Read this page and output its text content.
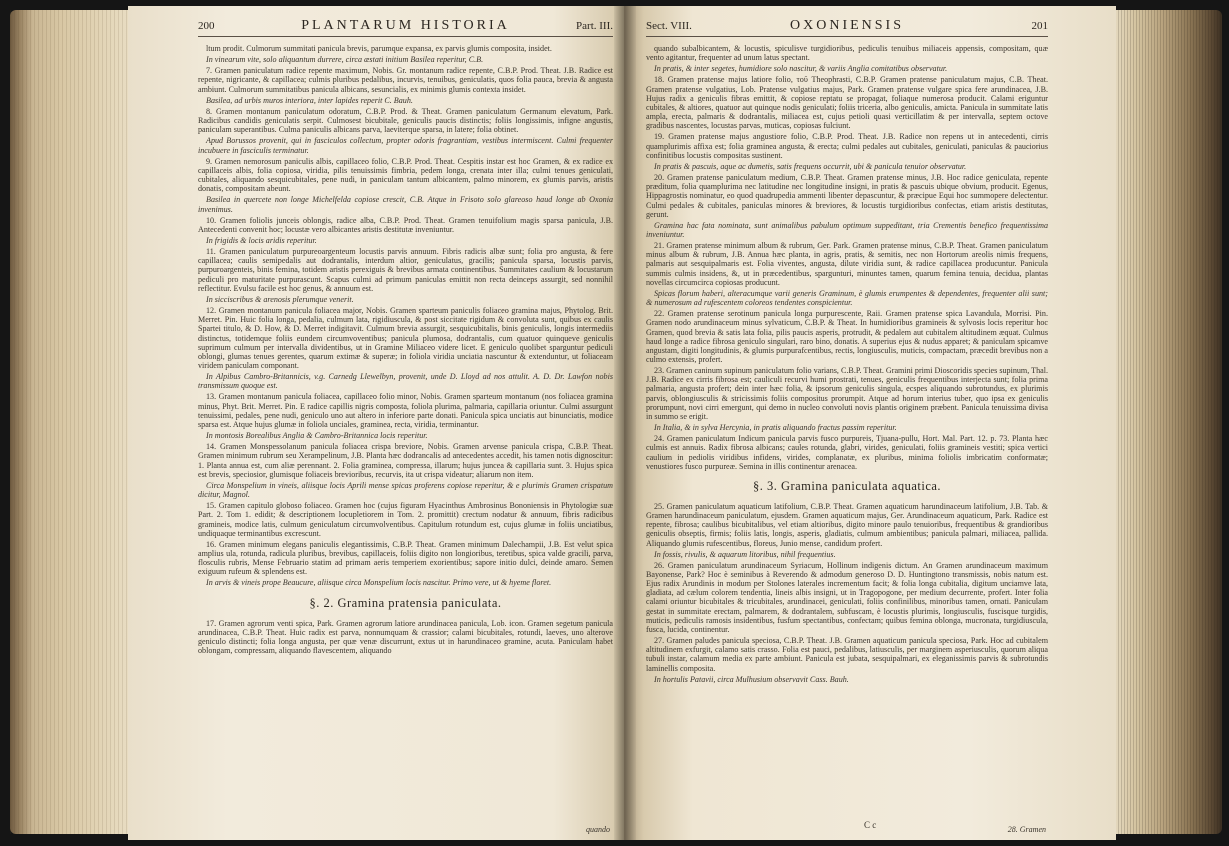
200	PLANTARUM HISTORIA	Part. III.

ltum prodit. Culmorum summitati panicula brevis, parumque expansa, ex parvis glumis composita, insidet.

In vinearum vite, solo aliquantum durrere, circa æstati initium Basilea reperitur, C.B.

7. Gramen paniculatum radice repente maximum, Nobis. Gr. montanum radice repente, C.B.P. Prod. Theat. J.B. Radice est repente, nigricante, & capillacea; culmis pluribus pedalibus, incurvis, tenuibus, geniculatis, quos folia pauca, brevia & angusta ambiunt. Culmorum summitatibus panicula albicans, sesuncialis, ex minimis glumis contexta insidet.

Basilea, ad urbis muros interiora, inter lapides reperit C. Bauh.

8. Gramen montanum paniculatum odoratum, C.B.P. Prod. & Theat. Gramen paniculatum Germanum elevatum, Park. Radicibus candidis geniculatis serpit. Culmosest bicubitale, geniculis paucis distinctis; foliis longissimis, infigne angustis, paniculam superantibus. Culma paniculis albicans parva, laeviterque sparsa, in latere; folia obtinet.

Apud Borussos provenit, qui in fasciculos collectum, propter odoris fragrantiam, vestibus intermiscent. Culmi frequenter incubuere in fasciculis terminatur.

9. Gramen nemorosum paniculis albis, capillaceo folio, C.B.P. Prod. Theat. Cespitis instar est hoc Gramen, & ex radice ex capillaceis albis, folia copiosa, viridia, pilis tenuissimis fimbria, pedem longa, crenata inter illa; culmi tenues geniculati, cubitales, aliquando sesquicubitales, pene nudi, in paniculam tantum albicantem, palmo minorem, ex glumis parvis, aristis donatis, compositam abeunt.

Basilea in quercete non longe Michelfelda copiose crescit, C.B. Atque in Frisoto solo glareoso haud longe ab Oxonia invenimus.

10. Gramen foliolis junceis oblongis, radice alba, C.B.P. Prod. Theat. Gramen tenuifolium magis sparsa panicula, J.B. Antecedenti convenit hoc; locustæ vero albicantes aristis destitutæ inveniuntur.

In frigidis & locis aridis reperitur.

11. Gramen paniculatum purpureoargenteum locustis parvis annuum. Fibris radicis albæ sunt; folia pro angusta, & fere capillacea; caulis semipedalis aut dodrantalis, interdum altior, geniculatus, gracilis; panicula sparsa, locustis parvis, purpuroargenteis, binis femina, totidem aristis perexiguis & brevibus armata continentibus. Summitates caulium & locustarum pediculi pro maturitate purpurascunt. Scapus culmi ad primum paniculas emittit non recta deinceps assurgit, sed nonnihil reflectitur. Evulsu facile est hoc genus, & annuum est.

In sicciscribus & arenosis plerumque venerit.

12. Gramen montanum panicula foliacea major, Nobis. Gramen sparteum paniculis foliaceo gramina majus, Phytolog. Brit. Merret. Pin. Huic folia longa, pedalia, culmum lata, rigidiuscula, & post siccitate rigidum & convoluta sunt, quibus ex caulis Spartei titulo, & D. How, & D. Merret indigitavit. Culmum brevia assurgit, sesquicubitalis, binis geniculis, longis intermediis distinctus, totidemque foliis eundem circumvoventibus; panicula plumosa, dodrantalis, cum quatuor quinqueve geniculis suprimum culmum per intervalla dividentibus, ut in Gramine Miliaceo videre licet. E geniculo quolibet sparguntur pediculi oblongi, glumas tenues gerentes, quarum extimæ & superæ; in foliola viridia unciatia nascuntur & extenduntur, ut foliaceam viridem paniculam componant.

In Alpibus Cambro-Britannicis, v.g. Carnedg Llewelbyn, provenit, unde D. Lloyd ad nos attulit. A. D. Dr. Lawfon nobis transmissum quoque est.

13. Gramen montanum panicula foliacea, capillaceo folio minor, Nobis. Gramen sparteum montanum (nos foliacea gramina minus, Phyt. Brit. Merret. Pin. E radice capillis nigris composta, foliola plurima, palmaria, capillaria oriuntur. Culmi assurgunt tenuissimi, pedales, pene nudi, geniculo uno aut altero in inferiore parte donati. Panicula spica unciatis aut binunciatis, modice sparsa est. Atque hujus glumæ in foliola unciales, graminea, recta, viridia, terminantur.

In montosis Borealibus Anglia & Cambro-Britannica locis reperitur.

14. Gramen Monspessolanum panicula foliacea crispa breviore, Nobis. Gramen arvense panicula crispa, C.B.P. Theat. Gramen minimum rubrum seu Xerampelinum, J.B. Planta hæc dodrancalis ad antecedentes accedit, his tamen notis dignoscitur: 1. Planta annua est, cum aliæ perennant. 2. Folia graminea, compressa, illarum; hujus juncea & capillaria sunt. 3. Hujus spica est brevis, speciosior, glumisque foliaceis brevioribus, recurvis, ita ut crispa videatur; aliarum non item.

Circa Monspelium in vineis, aliisque locis Aprili mense spicas proferens copiose reperitur, & e plurimis Gramen crispatum dicitur, Magnol.

15. Gramen capitulo globoso foliaceo. Gramen hoc (cujus figuram Hyacinthus Ambrosinus Bononiensis in Phytologiæ suæ Part. 2. Tom 1. edidit; & descriptionem locupletiorem in Tom. 2. promittit) crectum nodatur & annuum, fibris radicibus gramineis, modice latis, culmum geniculatum circumvolventibus. Capitulum rotundum est, cujus glumæ in foliis unciatibus, undiquaque terminantibus excrescunt.

16. Gramen minimum elegans paniculis elegantissimis, C.B.P. Theat. Gramen minimum Dalechampii, J.B. Est velut spica amplius ula, rotunda, radicula pluribus, brevibus, capillaceis, foliis digito non longioribus, teretibus, spica valde gracili, parva, flosculis rubris, Mense Februario statim ad primam aeris temperiem exorientibus; sapore initio dulci, deinde amaro. Semen exiguum rufeum & splendens est.

In arvis & vineis prope Beaucure, aliisque circa Monspelium locis nascitur. Primo vere, ut & hyeme floret.

§. 2. Gramina pratensia paniculata.

17. Gramen agrorum venti spica, Park. Gramen agrorum latiore arundinacea panicula, Lob. icon. Gramen segetum panicula arundinacea, C.B.P. Theat. Huic radix est parva, nonnumquam & crassior; calami bicubitales, rotundi, laeves, uno alterove geniculo distincti; folia longa angusta, per quæ venæ discurrunt, extus ut in harundinaceo gramine, acuta. Paniculam habet oblongam, compressam, aliquando flavescentem, aliquando

quando
Sect. VIII.	OXONIENSIS	201

quando subalbicantem, & locustis, spiculisve turgidioribus, pediculis tenuibus miliaceis appensis, compositam, quæ vento agitantur, frequenter ad unum latus spectant.

In pratis, & inter segetes, humidiore solo nascitur, & variis Anglia comitatibus observatur.

18. Gramen pratense majus latiore folio, τοῦ Theophrasti, C.B.P. Gramen pratense paniculatum majus, C.B. Theat. Gramen pratense vulgatius, Lob. Pratense vulgatius majus, Park. Gramen pratense vulgare spica fere arundinacea, J.B. Hujus radix a geniculis fibras emittit, & copiose reptatu se propagat, foliaque numerosa producit. Calami eriguntur cubitales, & altiores, quatuor aut quinque nodis geniculati; foliis triceria, albo geniculis, amicta. Panicula in summitate latis ampla, erecta, palmaris & dodrantalis, miliacea est, cujus petioli quasi verticillatim & per intervalla, septem octove gradibus nascentes, locustas parvas, muticas, copiosas fulciunt.

19. Gramen pratense majus angustiore folio, C.B.P. Prod. Theat. J.B. Radice non repens ut in antecedenti, cirris quamplurimis affixa est; folia graminea angusta, & erecta; culmi pedales aut cubitales, geniculati, paniculas & pauciorius confinitibus locustis compositas sustinent.

In pratis & pascuis, aque ac dumetis, satis frequens occurrit, ubi & panicula tenuior observatur.

20. Gramen pratense paniculatum medium, C.B.P. Theat. Gramen pratense minus, J.B. Hoc radice geniculata, repente præditum, folia quamplurima nec latitudine nec longitudine insigni, in pratis & pascuis ubique obvium, producit. Egenus, Hippagrostis nominatur, eo quod quadrupedia ammenti libenter depascuntur, & præcipue Equi hoc summopere delectentur. Culmi pedales & cubitales, paniculas minores & breviores, & locustis turgidioribus confectas, etiam aristis destitutas, gerunt.

Gramina hac fata nominata, sunt animalibus pabulum optimum suppeditant, tria Crementis benefico frequentissima inveniuntur.

21. Gramen pratense minimum album & rubrum, Ger. Park. Gramen pratense minus, C.B.P. Theat. Gramen paniculatum minus album & rubrum, J.B. Annua hæc planta, in agris, pratis, & semitis, nec non Hortorum areolis nimis frequens, palmaris aut sesquipalmaris est. Folia viventes, angusta, dilute viridia sunt, & radice capillacea producuntur. Panicula summis culmis insidens, &, ut in præcedentibus, spargunturi, minuntes tamen, quarum femina tenuia, decidua, plantas novellas circumcirca copiosas producunt.

Spicas florum haberi, alteracumque varii generis Graminum, è glumis erumpentes & dependentes, frequenter alii sunt; & numerosum ad rufescentem coloreos tendentes conspicientur.

22. Gramen pratense serotinum panicula longa purpurescente, Raii. Gramen pratense spica Lavandula, Morrisi. Pin. Gramen nodo arundinaceum minus sylvaticum, C.B.P. & Theat. In humidioribus gramineis & sylvosis locis reperitur hoc Gramen, quod brevia & satis lata folia, pilis paucis asperis, protrudit, & pedalem aut cubitalem altitudinem æquat. Culmus haud longe a radice fibrosa geniculo singulari, raro bino, donatis. A superius ejus & nudus apparet; & paniculam spicamve angustam, digiti longitudinis, & glumis purpurafcentibus, rectis, longiusculis, muticis, compactam, præcedit brevibus non a culmo extensis, profert.

23. Gramen caninum supinum paniculatum folio varians, C.B.P. Theat. Gramini primi Dioscoridis species supinum, Thal. J.B. Radice ex cirris fibrosa est; cauliculi recurvi humi prostrati, tenues, geniculis frequentibus interjecta sunt; folia prima palmaria, angusta profert; dein inter hæc folia, & ipsorum geniculis singula, ecspes aliquando subrotundus, ex plurimis parvis, oblongiusculis & stricissimis foliis compositus prorumpit. Atque ad horum interius tuber, quo ipsa ex geniculis prorumpunt, novi cirri emergunt, qui demo in nucleo convoluti novis plantis originem præbent. Panicula tenuissima divisa in summo se erigit.

In Italia, & in sylva Hercynia, in pratis aliquando fractus passim reperitur.

24. Gramen paniculatum Indicum panicula parvis fusco purpureis, Tjuana-pullu, Hort. Mal. Part. 12. p. 73. Planta hæc culmis est annuis. Radix fibrosa albicans; caules rotunda, glabri, virides, geniculati, foliis gramineis vestiti; spica vertici caulium in pediolis viridibus infidens, virides, complanatæ, ex pluribus, minima foliolis imbricatim conformatæ; venustiores fusco purpureæ. Semina in illis continentur arenacea.

§. 3. Gramina paniculata aquatica.

25. Gramen paniculatum aquaticum latifolium, C.B.P. Theat. Gramen aquaticum harundinaceum latifolium, J.B. Tab. & Gramen harundinaceum paniculatum, ejusdem. Gramen aquaticum majus, Ger. Arundinaceum aquaticum, Park. Radice est repente, fibrosa; caulibus bicubitalibus, vel etiam altioribus, digito minore paulo tenuioribus, frequentibus & grandioribus geniculis obseptis, firmis; foliis latis, longis, asperis, gladiatis, culmum ambientibus; panicula palmari, miliacea, pallida. Aliquando glumis rufescentibus, floreus, Junio mense, candidum profert.

In fossis, rivulis, & aquarum litoribus, nihil frequentius.

26. Gramen paniculatum arundinaceum Syriacum, Hollinum indigenis dictum. An Gramen arundinaceum maximum Bayonense, Park? Hoc è seminibus à Reverendo & admodum generoso D. D. Huntingtono transmissis, nobis natum est. Ejus radix Arundinis in modum per Stolones laterales incrementum facit; & folia longa cubitalia, digitum unciamve lata, gladiata, ad cælum colorem tendentia, lineis albis insigni, ut in Tragopogone, per medium decurrente, profert. Inter folia calami oriuntur bicubitales & tricubitales, arundinacei, geniculati, foliis confinilibus, minoribus tamen, ornati. Paniculam gestat in summitate erectam, palmarem, & dodrantalem, subfuscam, è locustis plurimis, longiusculis, fuscisque turgidis, muticis, pediculis ramosis insidentibus, fusfum spectantibus, confectam; quibus femina oblonga, mucronata, turgidiuscula, fusca, lucida, continentur.

27. Gramen paludes panicula speciosa, C.B.P. Theat. J.B. Gramen aquaticum panicula speciosa, Park. Hoc ad cubitalem altitudinem exfurgit, calamo satis crasso. Folia est pauci, pedalibus, latiusculis, per marginem asperiusculis, quorum aliqua tubuli instar, calamum media ex parte ambiunt. Panicula est jubata, sesquipalmari, ex eleganissimis parvis & subrotundis laminellis composita.

In hortulis Patavii, circa Mulhusium observavit Cass. Bauh.

C c	28. Gramen
